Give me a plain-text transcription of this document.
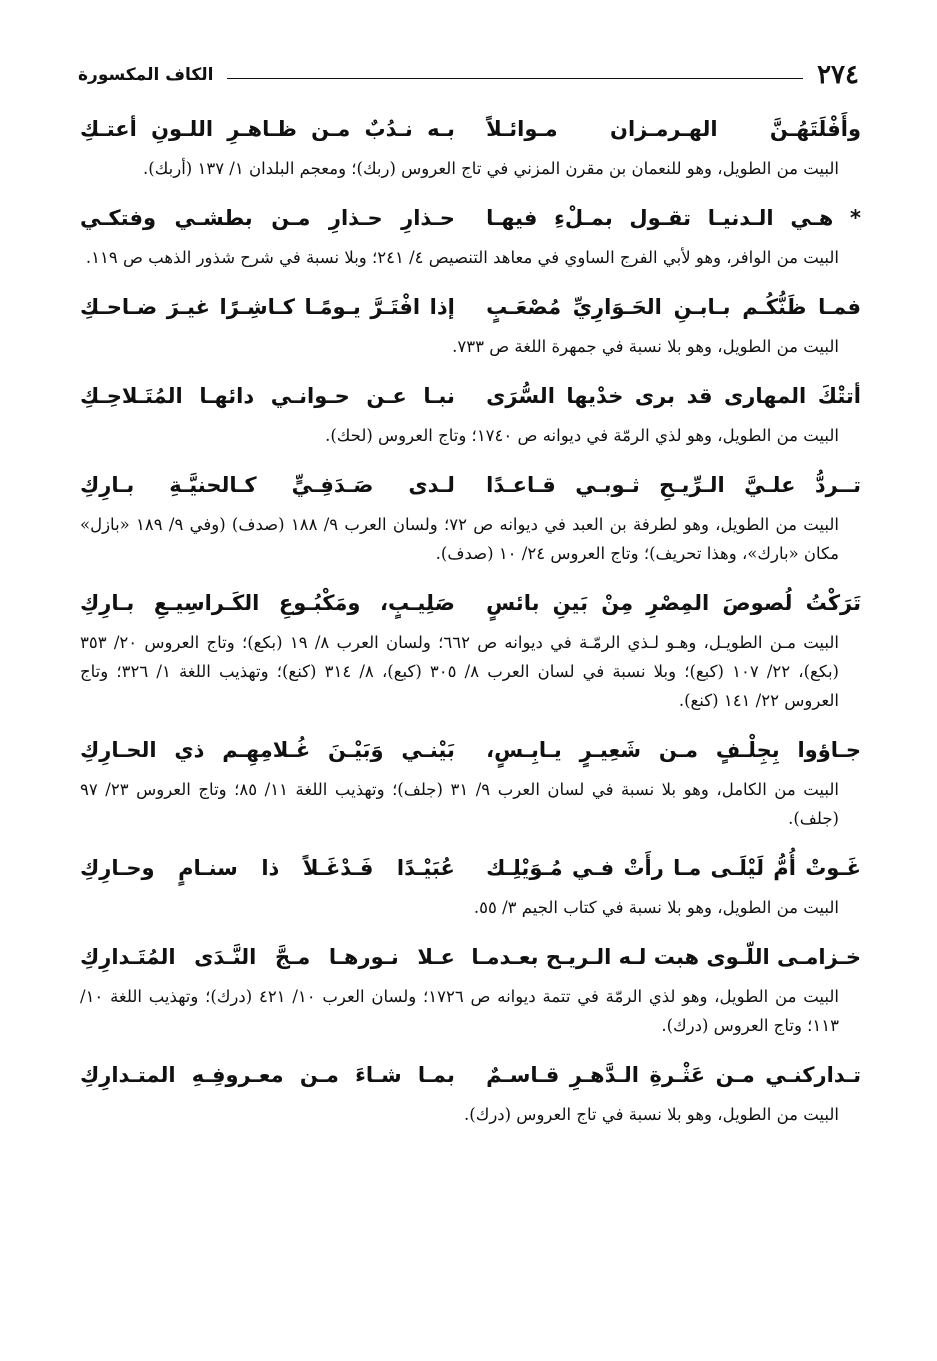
٢٧٤
الكاف المكسورة
وأَفْلَتَهُـنَّ الهـرمـزان مـوائـلاً
بـه نـدُبٌ مـن ظـاهـرِ اللـونِ أعتـكِ
البيت من الطويل، وهو للنعمان بن مقرن المزني في تاج العروس (ربك)؛ ومعجم البلدان ١/ ١٣٧ (أربك).
* هـي الـدنيـا تقـول بمـلْءِ فيهـا
حـذارِ حـذارِ مـن بطشـي وفتكـي
البيت من الوافر، وهو لأبي الفرج الساوي في معاهد التنصيص ٤/ ٢٤١؛ وبلا نسبة في شرح شذور الذهب ص ١١٩.
فمـا ظَنُّكُـم بـابـنِ الحَـوَارِيِّ مُصْعَـبٍ
إذا افْتَـرَّ يـومًـا كـاشِـرًا غيـرَ ضـاحـكِ
البيت من الطويل، وهو بلا نسبة في جمهرة اللغة ص ٧٣٣.
أتتْكَ المهارى قد برى خدْيها السُّرَى
نبـا عـن حـوانـي دائهـا المُتَـلاحِـكِ
البيت من الطويل، وهو لذي الرمّة في ديوانه ص ١٧٤٠؛ وتاج العروس (لحك).
تــردُّ علـيَّ الـرِّيـحِ ثـوبـي قـاعـدًا
لـدى صَـدَفِـيٍّ كـالحنيَّـةِ بـارِكِ
البيت من الطويل، وهو لطرفة بن العبد في ديوانه ص ٧٢؛ ولسان العرب ٩/ ١٨٨ (صدف) (وفي ٩/ ١٨٩ «بازل» مكان «بارك»، وهذا تحريف)؛ وتاج العروس ٢٤/ ١٠ (صدف).
تَرَكْتُ لُصوصَ المِصْرِ مِنْ بَينِ بائسٍ
صَلِيـبٍ، ومَكْبُـوعِ الكَـراسِيـعِ بـارِكِ
البيت مـن الطويـل، وهـو لـذي الرمّـة في ديوانه ص ٦٦٢؛ ولسان العرب ٨/ ١٩ (بكع)؛ وتاج العروس ٢٠/ ٣٥٣ (بكع)، ٢٢/ ١٠٧ (كبع)؛ وبلا نسبة في لسان العرب ٨/ ٣٠٥ (كبع)، ٨/ ٣١٤ (كنع)؛ وتهذيب اللغة ١/ ٣٢٦؛ وتاج العروس ٢٢/ ١٤١ (كنع).
جـاؤوا بِجِلْـفٍ مـن شَعِيـرٍ يـابِـسٍ،
بَيْنـي وَبَيْـنَ غُـلامِهِـم ذي الحـارِكِ
البيت من الكامل، وهو بلا نسبة في لسان العرب ٩/ ٣١ (جلف)؛ وتهذيب اللغة ١١/ ٨٥؛ وتاج العروس ٢٣/ ٩٧ (جلف).
غَـوتْ أُمُّ لَيْلَـى مـا رأَتْ فـي مُـوَيْلِـك
عُبَيْـدًا فَـدْغَـلاً ذا سنـامٍ وحـارِكِ
البيت من الطويل، وهو بلا نسبة في كتاب الجيم ٣/ ٥٥.
خـزامـى اللّـوى هبت لـه الـريـح بعـدمـا
عـلا نـورهـا مـجَّ النَّـدَى المُتَـدارِكِ
البيت من الطويل، وهو لذي الرمّة في تتمة ديوانه ص ١٧٢٦؛ ولسان العرب ١٠/ ٤٢١ (درك)؛ وتهذيب اللغة ١٠/ ١١٣؛ وتاج العروس (درك).
تـداركنـي مـن عَثْـرةِ الـدَّهـرِ قـاسـمٌ
بمـا شـاءَ مـن معـروفِـهِ المتـدارِكِ
البيت من الطويل، وهو بلا نسبة في تاج العروس (درك).
